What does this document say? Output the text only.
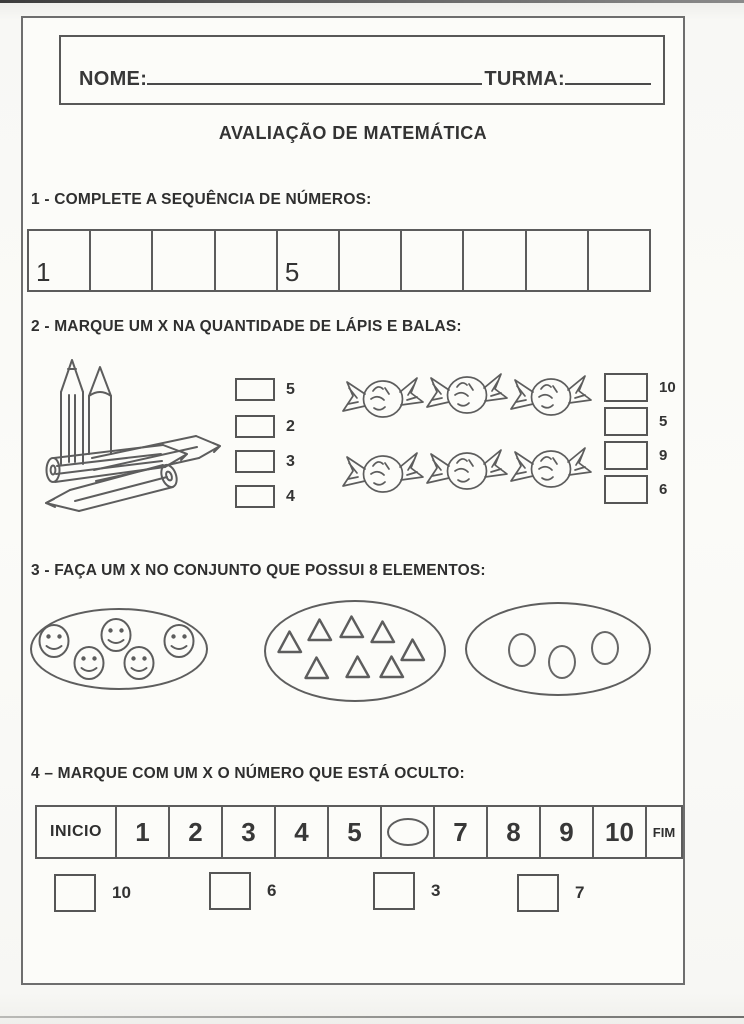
NOME:	TURMA:
AVALIAÇÃO DE MATEMÁTICA
1 - COMPLETE A SEQUÊNCIA DE NÚMEROS:
1	5
2 - MARQUE UM X NA QUANTIDADE DE LÁPIS E BALAS:
5
2
3
4
10
5
9
6
3 - FAÇA UM X NO CONJUNTO QUE POSSUI 8 ELEMENTOS:
4 – MARQUE COM UM X O NÚMERO QUE ESTÁ OCULTO:
INICIO	1 2 3 4 5	7 8 9 10	FIM
10	6	3	7
